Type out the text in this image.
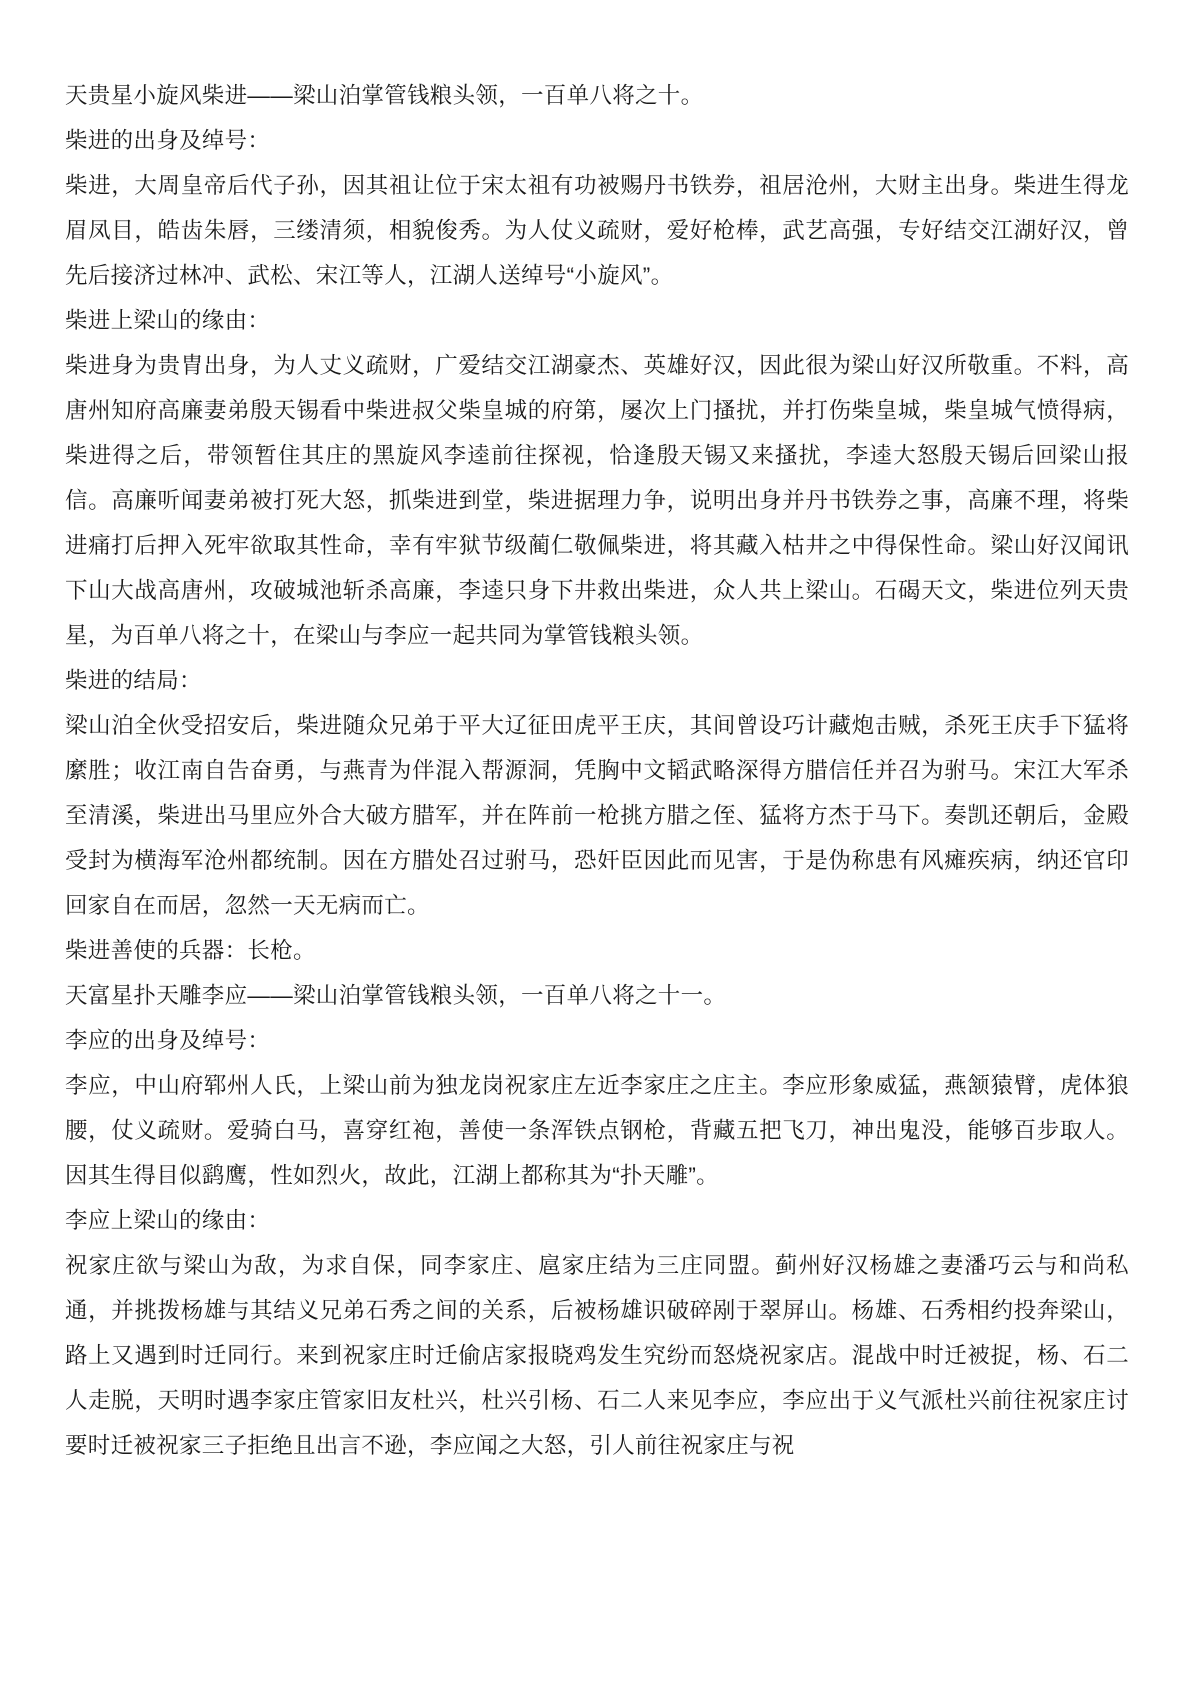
天贵星小旋风柴进——梁山泊掌管钱粮头领，一百单八将之十。

柴进的出身及绰号：

柴进，大周皇帝后代子孙，因其祖让位于宋太祖有功被赐丹书铁券，祖居沧州，大财主出身。柴进生得龙眉凤目，皓齿朱唇，三缕清须，相貌俊秀。为人仗义疏财，爱好枪棒，武艺高强，专好结交江湖好汉，曾先后接济过林冲、武松、宋江等人，江湖人送绰号“小旋风”。

柴进上梁山的缘由：

柴进身为贵胄出身，为人丈义疏财，广爱结交江湖豪杰、英雄好汉，因此很为梁山好汉所敬重。不料，高唐州知府高廉妻弟殷天锡看中柴进叔父柴皇城的府第，屡次上门搔扰，并打伤柴皇城，柴皇城气愤得病，柴进得之后，带领暂住其庄的黑旋风李逵前往探视，恰逢殷天锡又来搔扰，李逵大怒殷天锡后回梁山报信。高廉听闻妻弟被打死大怒，抓柴进到堂，柴进据理力争，说明出身并丹书铁券之事，高廉不理，将柴进痛打后押入死牢欲取其性命，幸有牢狱节级蔺仁敬佩柴进，将其藏入枯井之中得保性命。梁山好汉闻讯下山大战高唐州，攻破城池斩杀高廉，李逵只身下井救出柴进，众人共上梁山。石碣天文，柴进位列天贵星，为百单八将之十，在梁山与李应一起共同为掌管钱粮头领。

柴进的结局：

梁山泊全伙受招安后，柴进随众兄弟于平大辽征田虎平王庆，其间曾设巧计藏炮击贼，杀死王庆手下猛将縻胜；收江南自告奋勇，与燕青为伴混入帮源洞，凭胸中文韬武略深得方腊信任并召为驸马。宋江大军杀至清溪，柴进出马里应外合大破方腊军，并在阵前一枪挑方腊之侄、猛将方杰于马下。奏凯还朝后，金殿受封为横海军沧州都统制。因在方腊处召过驸马，恐奸臣因此而见害，于是伪称患有风瘫疾病，纳还官印回家自在而居，忽然一天无病而亡。

柴进善使的兵器：长枪。

天富星扑天雕李应——梁山泊掌管钱粮头领，一百单八将之十一。

李应的出身及绰号：

李应，中山府郓州人氏，上梁山前为独龙岗祝家庄左近李家庄之庄主。李应形象威猛，燕颔猿臂，虎体狼腰，仗义疏财。爱骑白马，喜穿红袍，善使一条浑铁点钢枪，背藏五把飞刀，神出鬼没，能够百步取人。因其生得目似鹞鹰，性如烈火，故此，江湖上都称其为“扑天雕”。

李应上梁山的缘由：

祝家庄欲与梁山为敌，为求自保，同李家庄、扈家庄结为三庄同盟。蓟州好汉杨雄之妻潘巧云与和尚私通，并挑拨杨雄与其结义兄弟石秀之间的关系，后被杨雄识破碎剐于翠屏山。杨雄、石秀相约投奔梁山，路上又遇到时迁同行。来到祝家庄时迁偷店家报晓鸡发生究纷而怒烧祝家店。混战中时迁被捉，杨、石二人走脱，天明时遇李家庄管家旧友杜兴，杜兴引杨、石二人来见李应，李应出于义气派杜兴前往祝家庄讨要时迁被祝家三子拒绝且出言不逊，李应闻之大怒，引人前往祝家庄与祝
